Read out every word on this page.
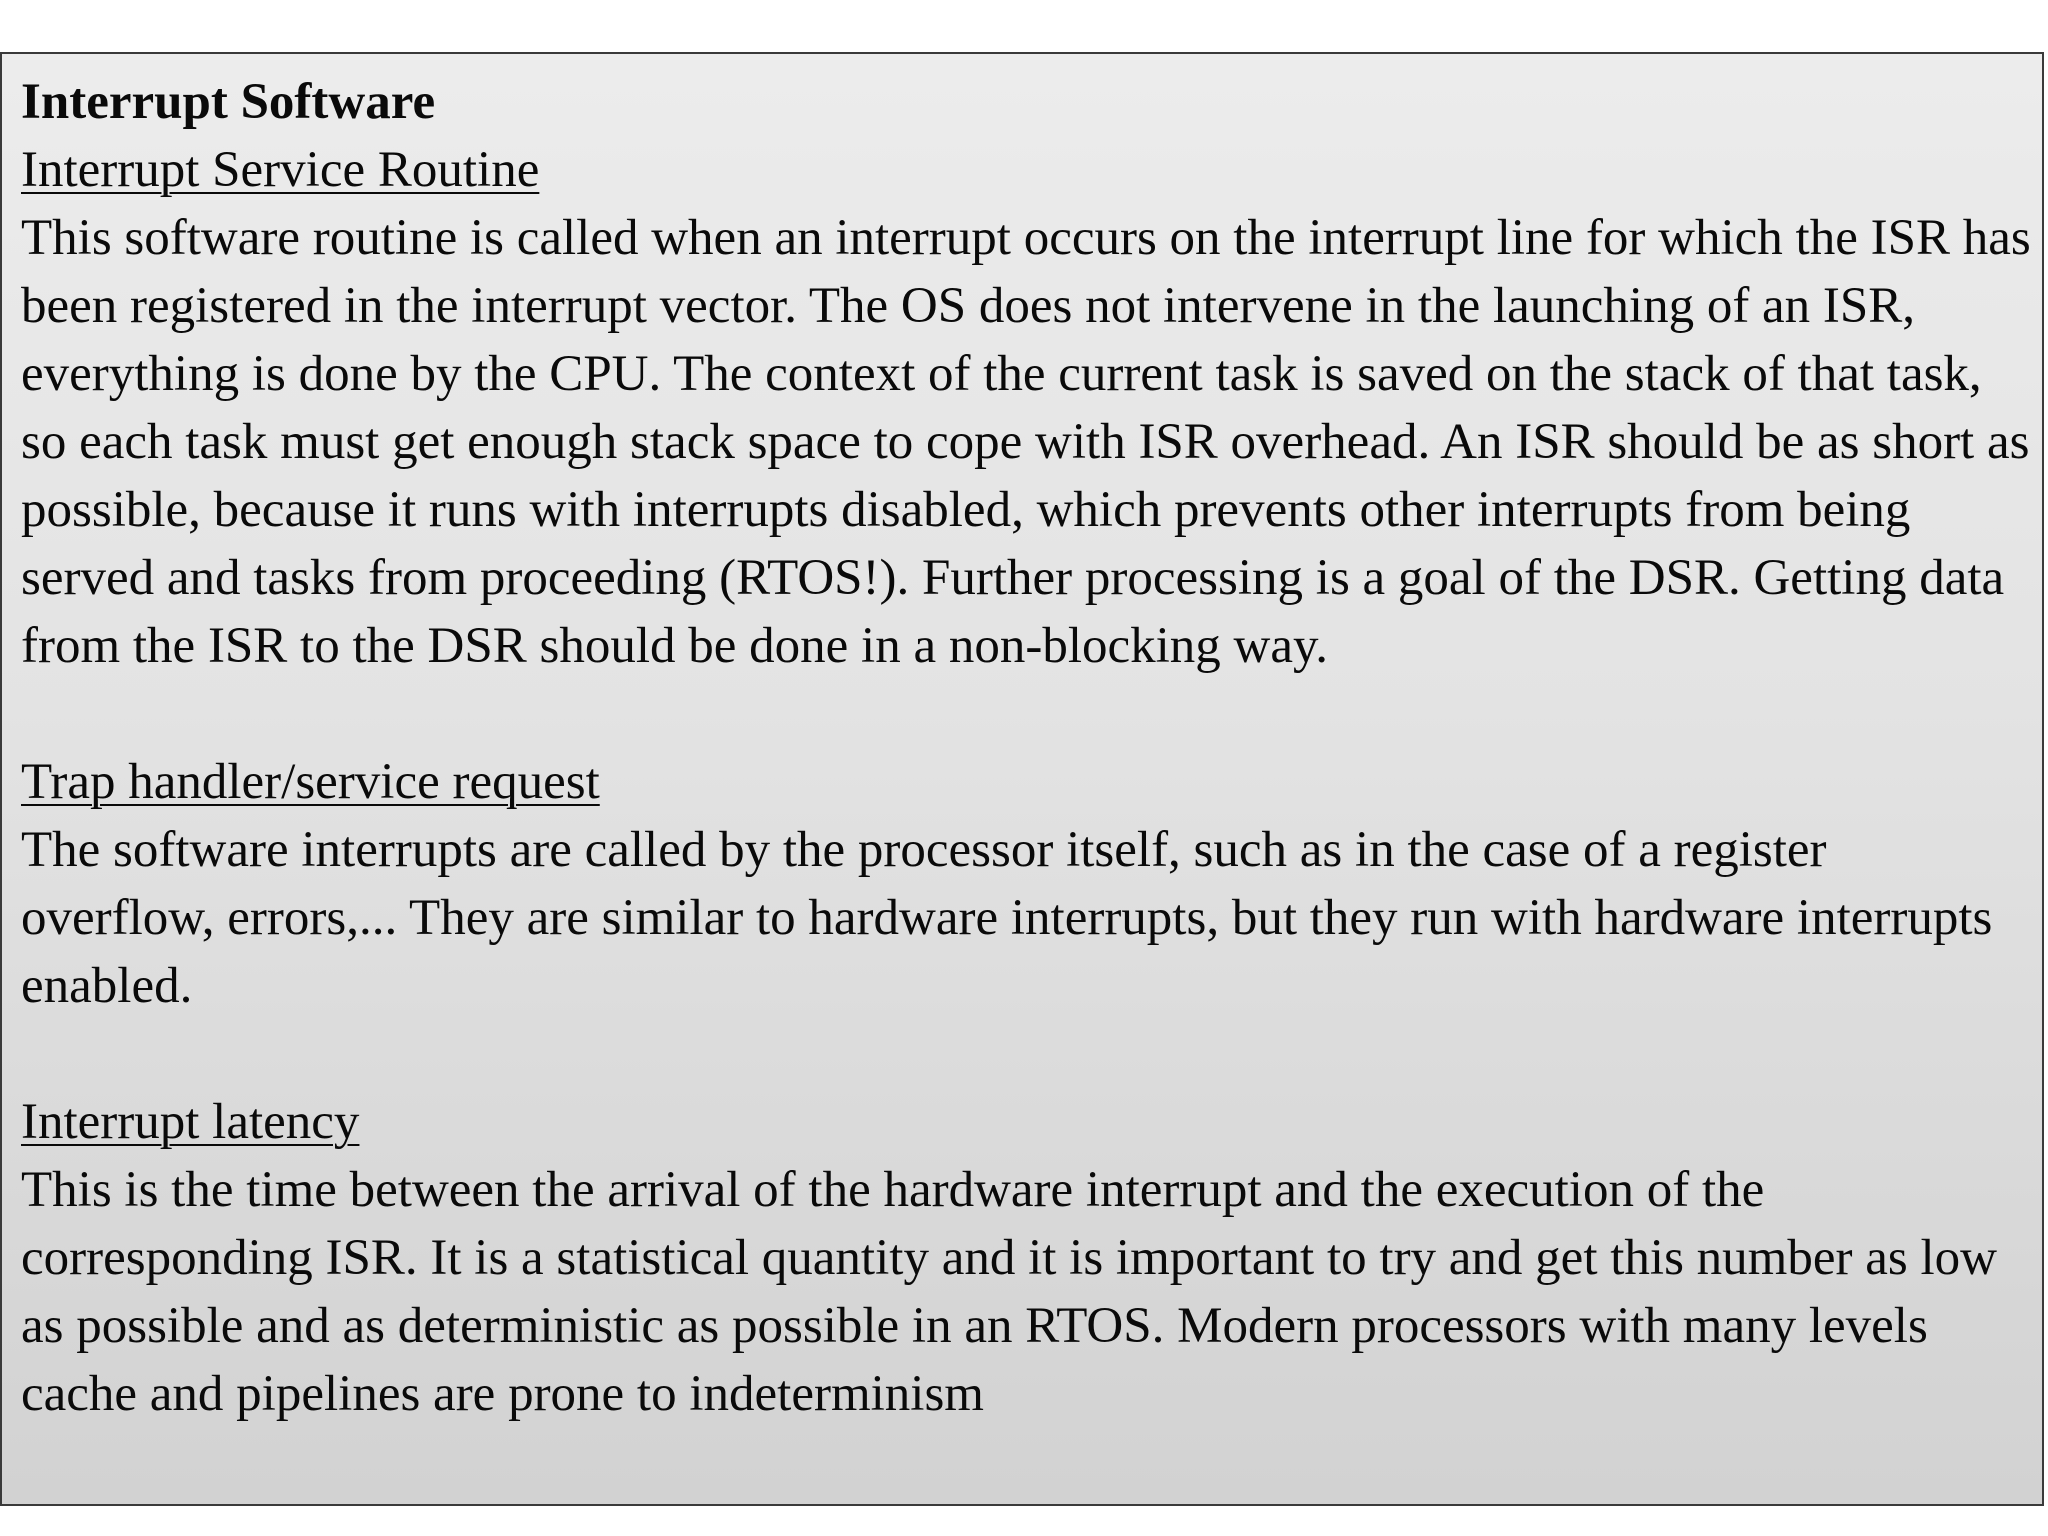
Interrupt Software

Interrupt Service Routine

This software routine is called when an interrupt occurs on the interrupt line for which the ISR has been registered in the interrupt vector. The OS does not intervene in the launching of an ISR, everything is done by the CPU. The context of the current task is saved on the stack of that task, so each task must get enough stack space to cope with ISR overhead. An ISR should be as short as possible, because it runs with interrupts disabled, which prevents other interrupts from being served and tasks from proceeding (RTOS!). Further processing is a goal of the DSR. Getting data from the ISR to the DSR should be done in a non-blocking way.

Trap handler/service request

The software interrupts are called by the processor itself, such as in the case of a register overflow, errors,... They are similar to hardware interrupts, but they run with hardware interrupts enabled.

Interrupt latency

This is the time between the arrival of the hardware interrupt and the execution of the corresponding ISR. It is a statistical quantity and it is important to try and get this number as low as possible and as deterministic as possible in an RTOS. Modern processors with many levels cache and pipelines are prone to indeterminism
